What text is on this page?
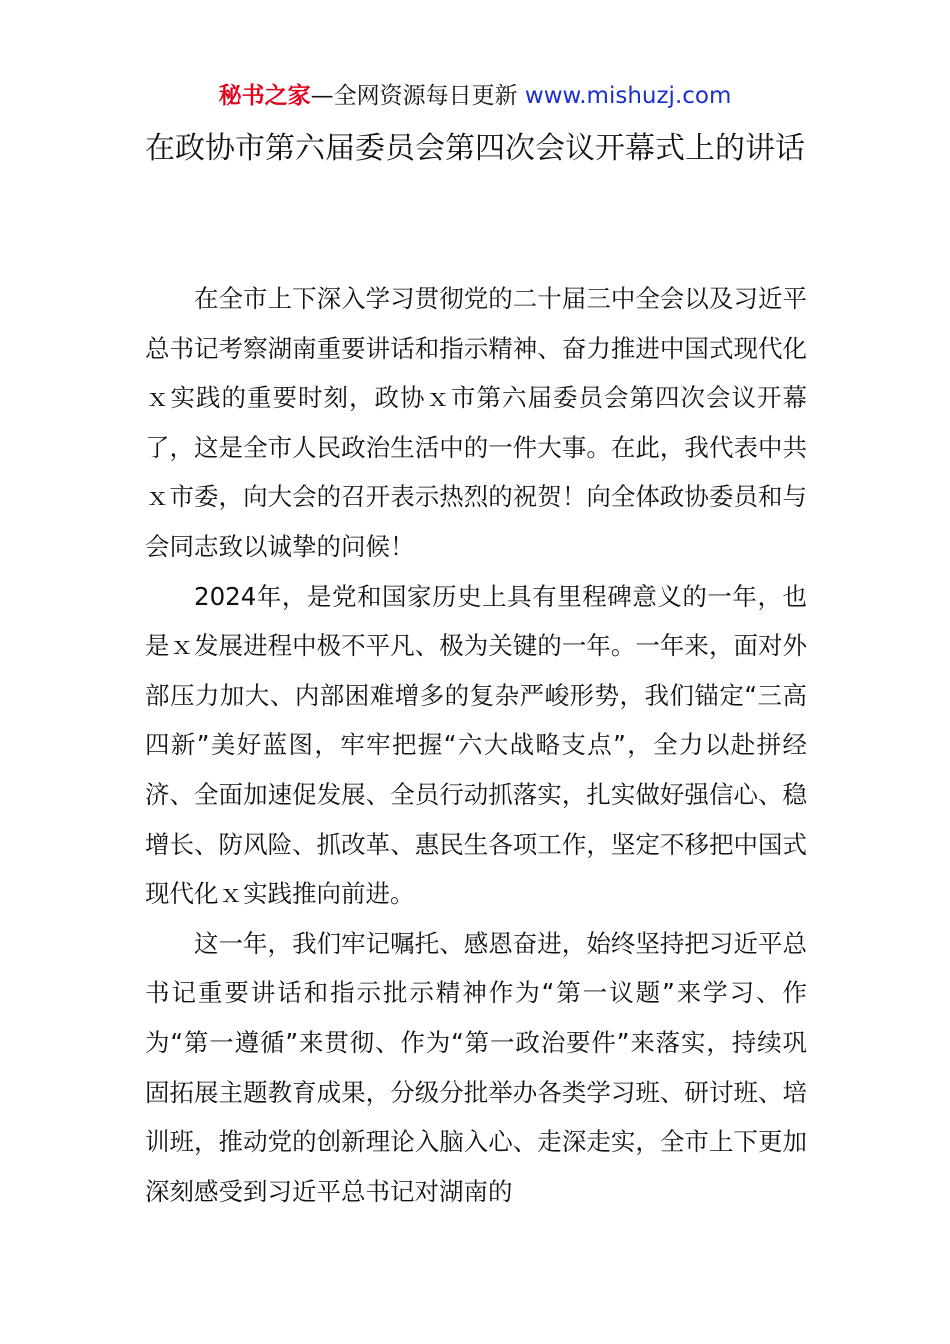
秘书之家—全网资源每日更新 www.mishuzj.com
在政协市第六届委员会第四次会议开幕式上的讲话

在全市上下深入学习贯彻党的二十届三中全会以及习近平总书记考察湖南重要讲话和指示精神、奋力推进中国式现代化ｘ实践的重要时刻，政协ｘ市第六届委员会第四次会议开幕了，这是全市人民政治生活中的一件大事。在此，我代表中共ｘ市委，向大会的召开表示热烈的祝贺！向全体政协委员和与会同志致以诚挚的问候！

2024年，是党和国家历史上具有里程碑意义的一年，也是ｘ发展进程中极不平凡、极为关键的一年。一年来，面对外部压力加大、内部困难增多的复杂严峻形势，我们锚定“三高四新”美好蓝图，牢牢把握“六大战略支点”，全力以赴拼经济、全面加速促发展、全员行动抓落实，扎实做好强信心、稳增长、防风险、抓改革、惠民生各项工作，坚定不移把中国式现代化ｘ实践推向前进。

这一年，我们牢记嘱托、感恩奋进，始终坚持把习近平总书记重要讲话和指示批示精神作为“第一议题”来学习、作为“第一遵循”来贯彻、作为“第一政治要件”来落实，持续巩固拓展主题教育成果，分级分批举办各类学习班、研讨班、培训班，推动党的创新理论入脑入心、走深走实，全市上下更加深刻感受到习近平总书记对湖南的
